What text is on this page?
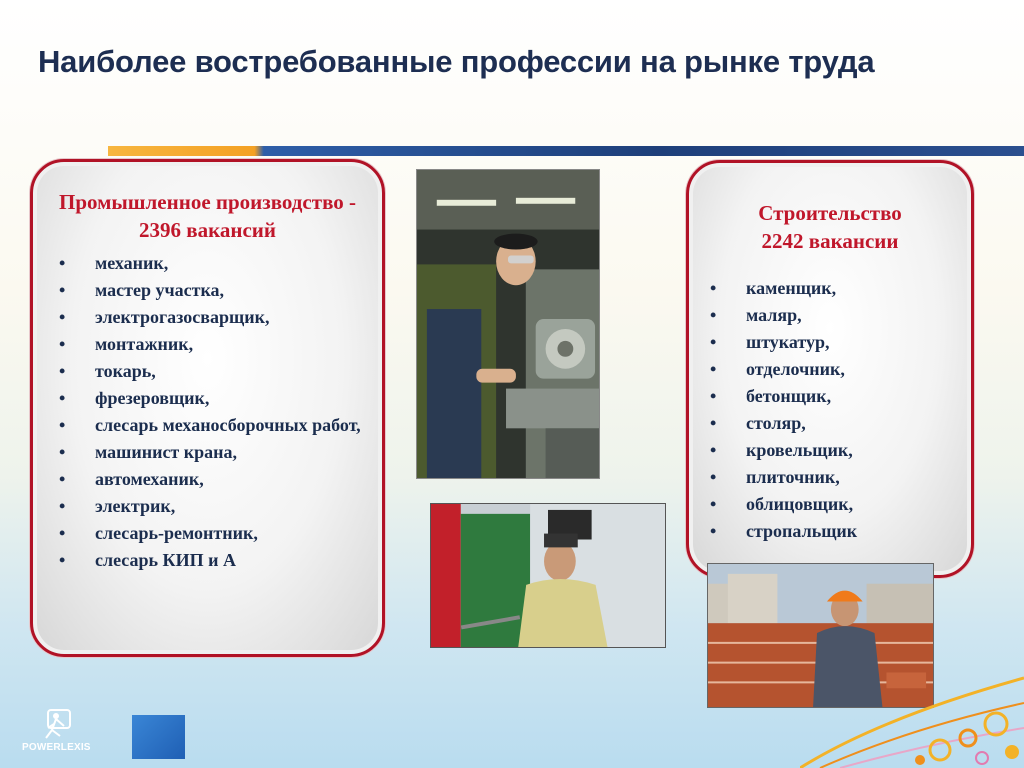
Наиболее востребованные профессии на рынке труда

Промышленное производство - 2396 вакансий

• механик,
• мастер участка,
• электрогазосварщик,
• монтажник,
• токарь,
• фрезеровщик,
• слесарь механосборочных работ,
• машинист крана,
• автомеханик,
• электрик,
• слесарь-ремонтник,
• слесарь КИП и А

Строительство
2242 вакансии

• каменщик,
• маляр,
• штукатур,
• отделочник,
• бетонщик,
• столяр,
• кровельщик,
• плиточник,
• облицовщик,
• стропальщик
POWERLEXIS
